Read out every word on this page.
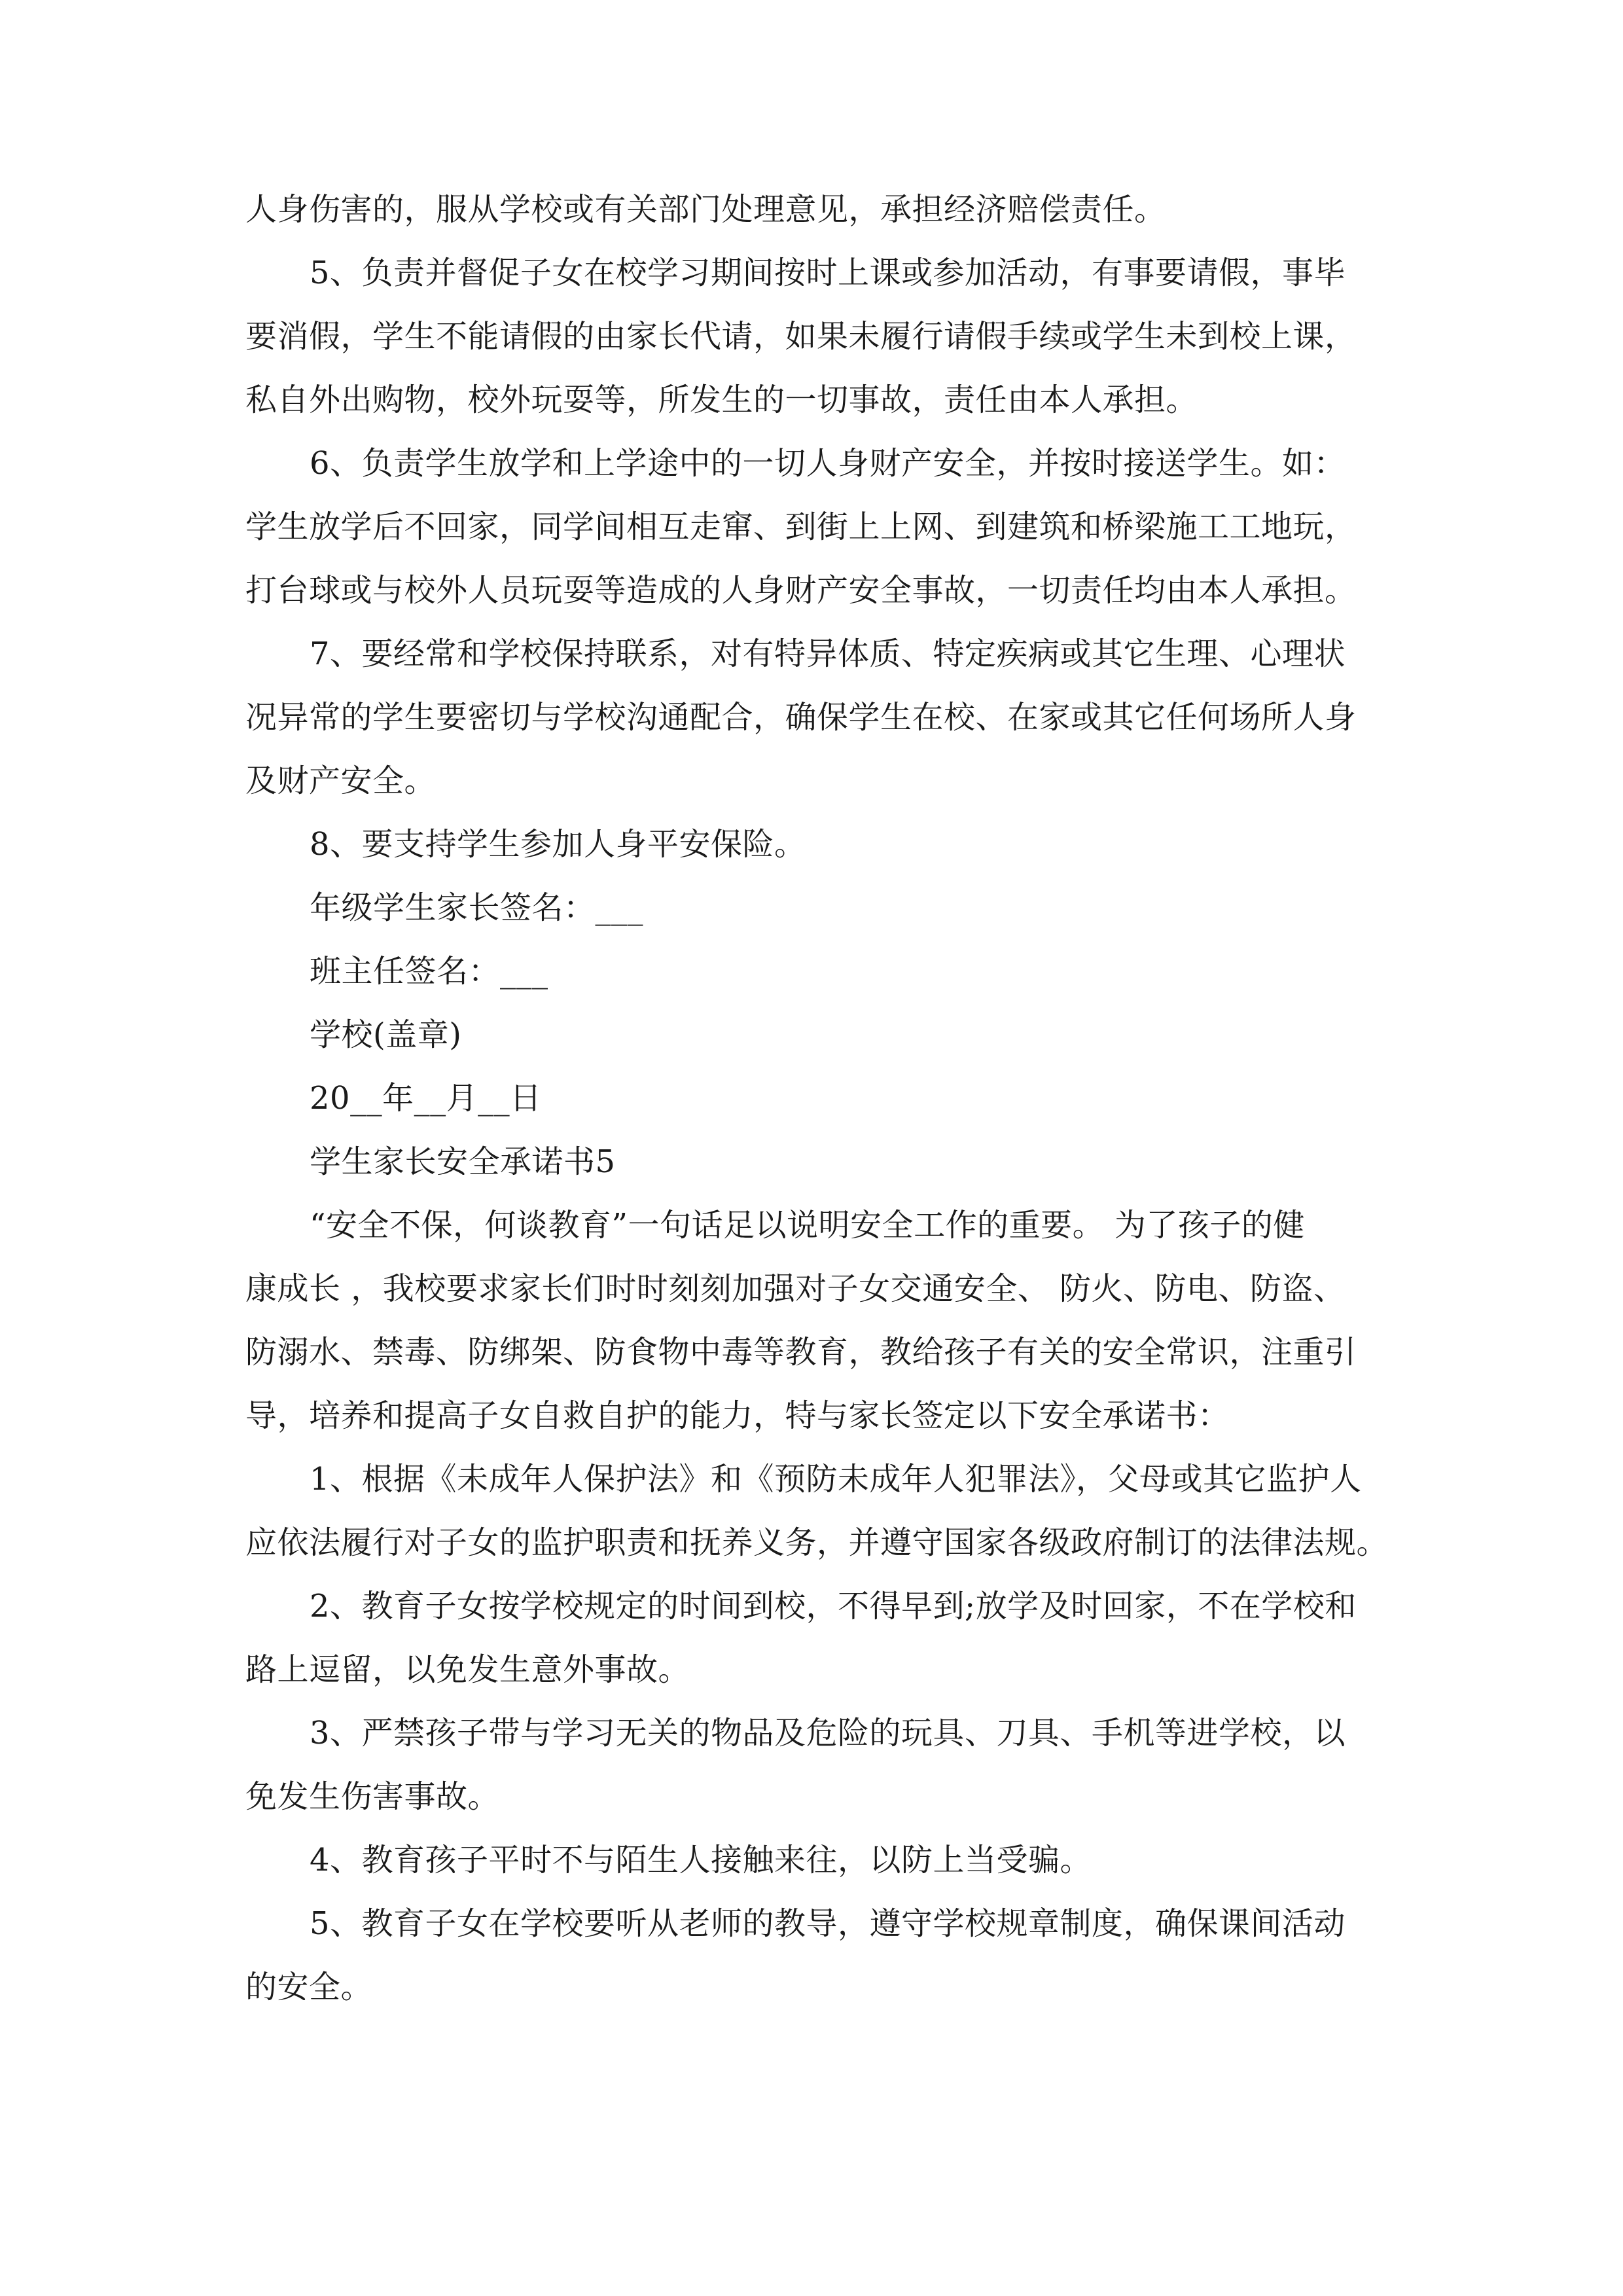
人身伤害的，服从学校或有关部门处理意见，承担经济赔偿责任。
5、负责并督促子女在校学习期间按时上课或参加活动，有事要请假，事毕
要消假，学生不能请假的由家长代请，如果未履行请假手续或学生未到校上课，
私自外出购物，校外玩耍等，所发生的一切事故，责任由本人承担。
6、负责学生放学和上学途中的一切人身财产安全，并按时接送学生。如：
学生放学后不回家，同学间相互走窜、到街上上网、到建筑和桥梁施工工地玩，
打台球或与校外人员玩耍等造成的人身财产安全事故，一切责任均由本人承担。
7、要经常和学校保持联系，对有特异体质、特定疾病或其它生理、心理状
况异常的学生要密切与学校沟通配合，确保学生在校、在家或其它任何场所人身
及财产安全。
8、要支持学生参加人身平安保险。
年级学生家长签名：___
班主任签名：___
学校(盖章)
20__年__月__日
学生家长安全承诺书5
“安全不保，何谈教育”一句话足以说明安全工作的重要。 为了孩子的健
康成长 ，我校要求家长们时时刻刻加强对子女交通安全、 防火、防电、防盗、
防溺水、禁毒、防绑架、防食物中毒等教育，教给孩子有关的安全常识，注重引
导，培养和提高子女自救自护的能力，特与家长签定以下安全承诺书：
1、根据《未成年人保护法》和《预防未成年人犯罪法》，父母或其它监护人
应依法履行对子女的监护职责和抚养义务，并遵守国家各级政府制订的法律法规。
2、教育子女按学校规定的时间到校，不得早到;放学及时回家，不在学校和
路上逗留，以免发生意外事故。
3、严禁孩子带与学习无关的物品及危险的玩具、刀具、手机等进学校，以
免发生伤害事故。
4、教育孩子平时不与陌生人接触来往，以防上当受骗。
5、教育子女在学校要听从老师的教导，遵守学校规章制度，确保课间活动
的安全。
